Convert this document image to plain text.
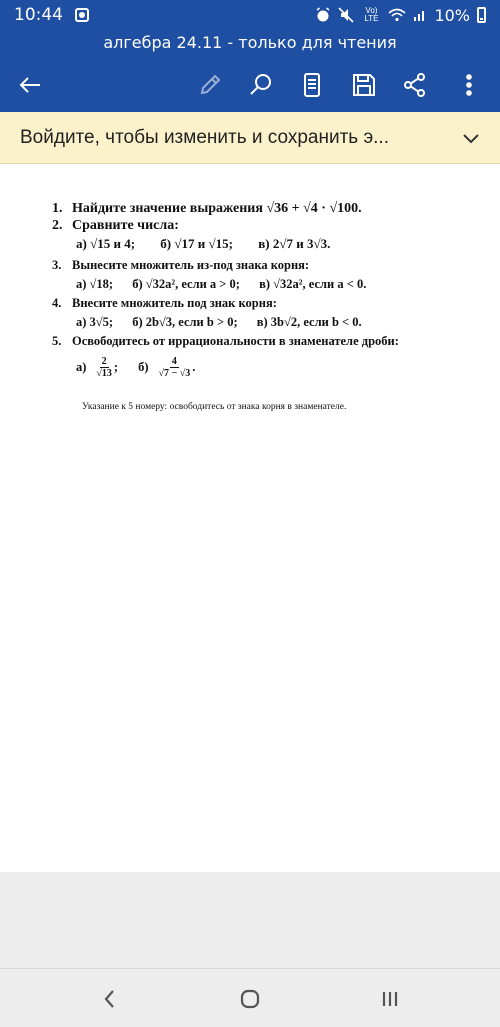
10:44	Vo) LTE	10%
алгебра 24.11 - только для чтения
Войдите, чтобы изменить и сохранить э...
1. Найдите значение выражения √36 + √4 · √100.
2. Сравните числа:
а) √15 и 4; б) √17 и √15; в) 2√7 и 3√3.
3. Вынесите множитель из-под знака корня:
а) √18; б) √32a², если a > 0; в) √32a², если a < 0.
4. Внесите множитель под знак корня:
а) 3√5; б) 2b√3, если b > 0; в) 3b√2, если b < 0.
5. Освободитесь от иррациональности в знаменателе дроби:
$а) \frac{2}{√13}$ ; $б) \frac{4}{√7 - √3}$ .
Указание к 5 номеру: освободитесь от знака корня в знаменателе.
